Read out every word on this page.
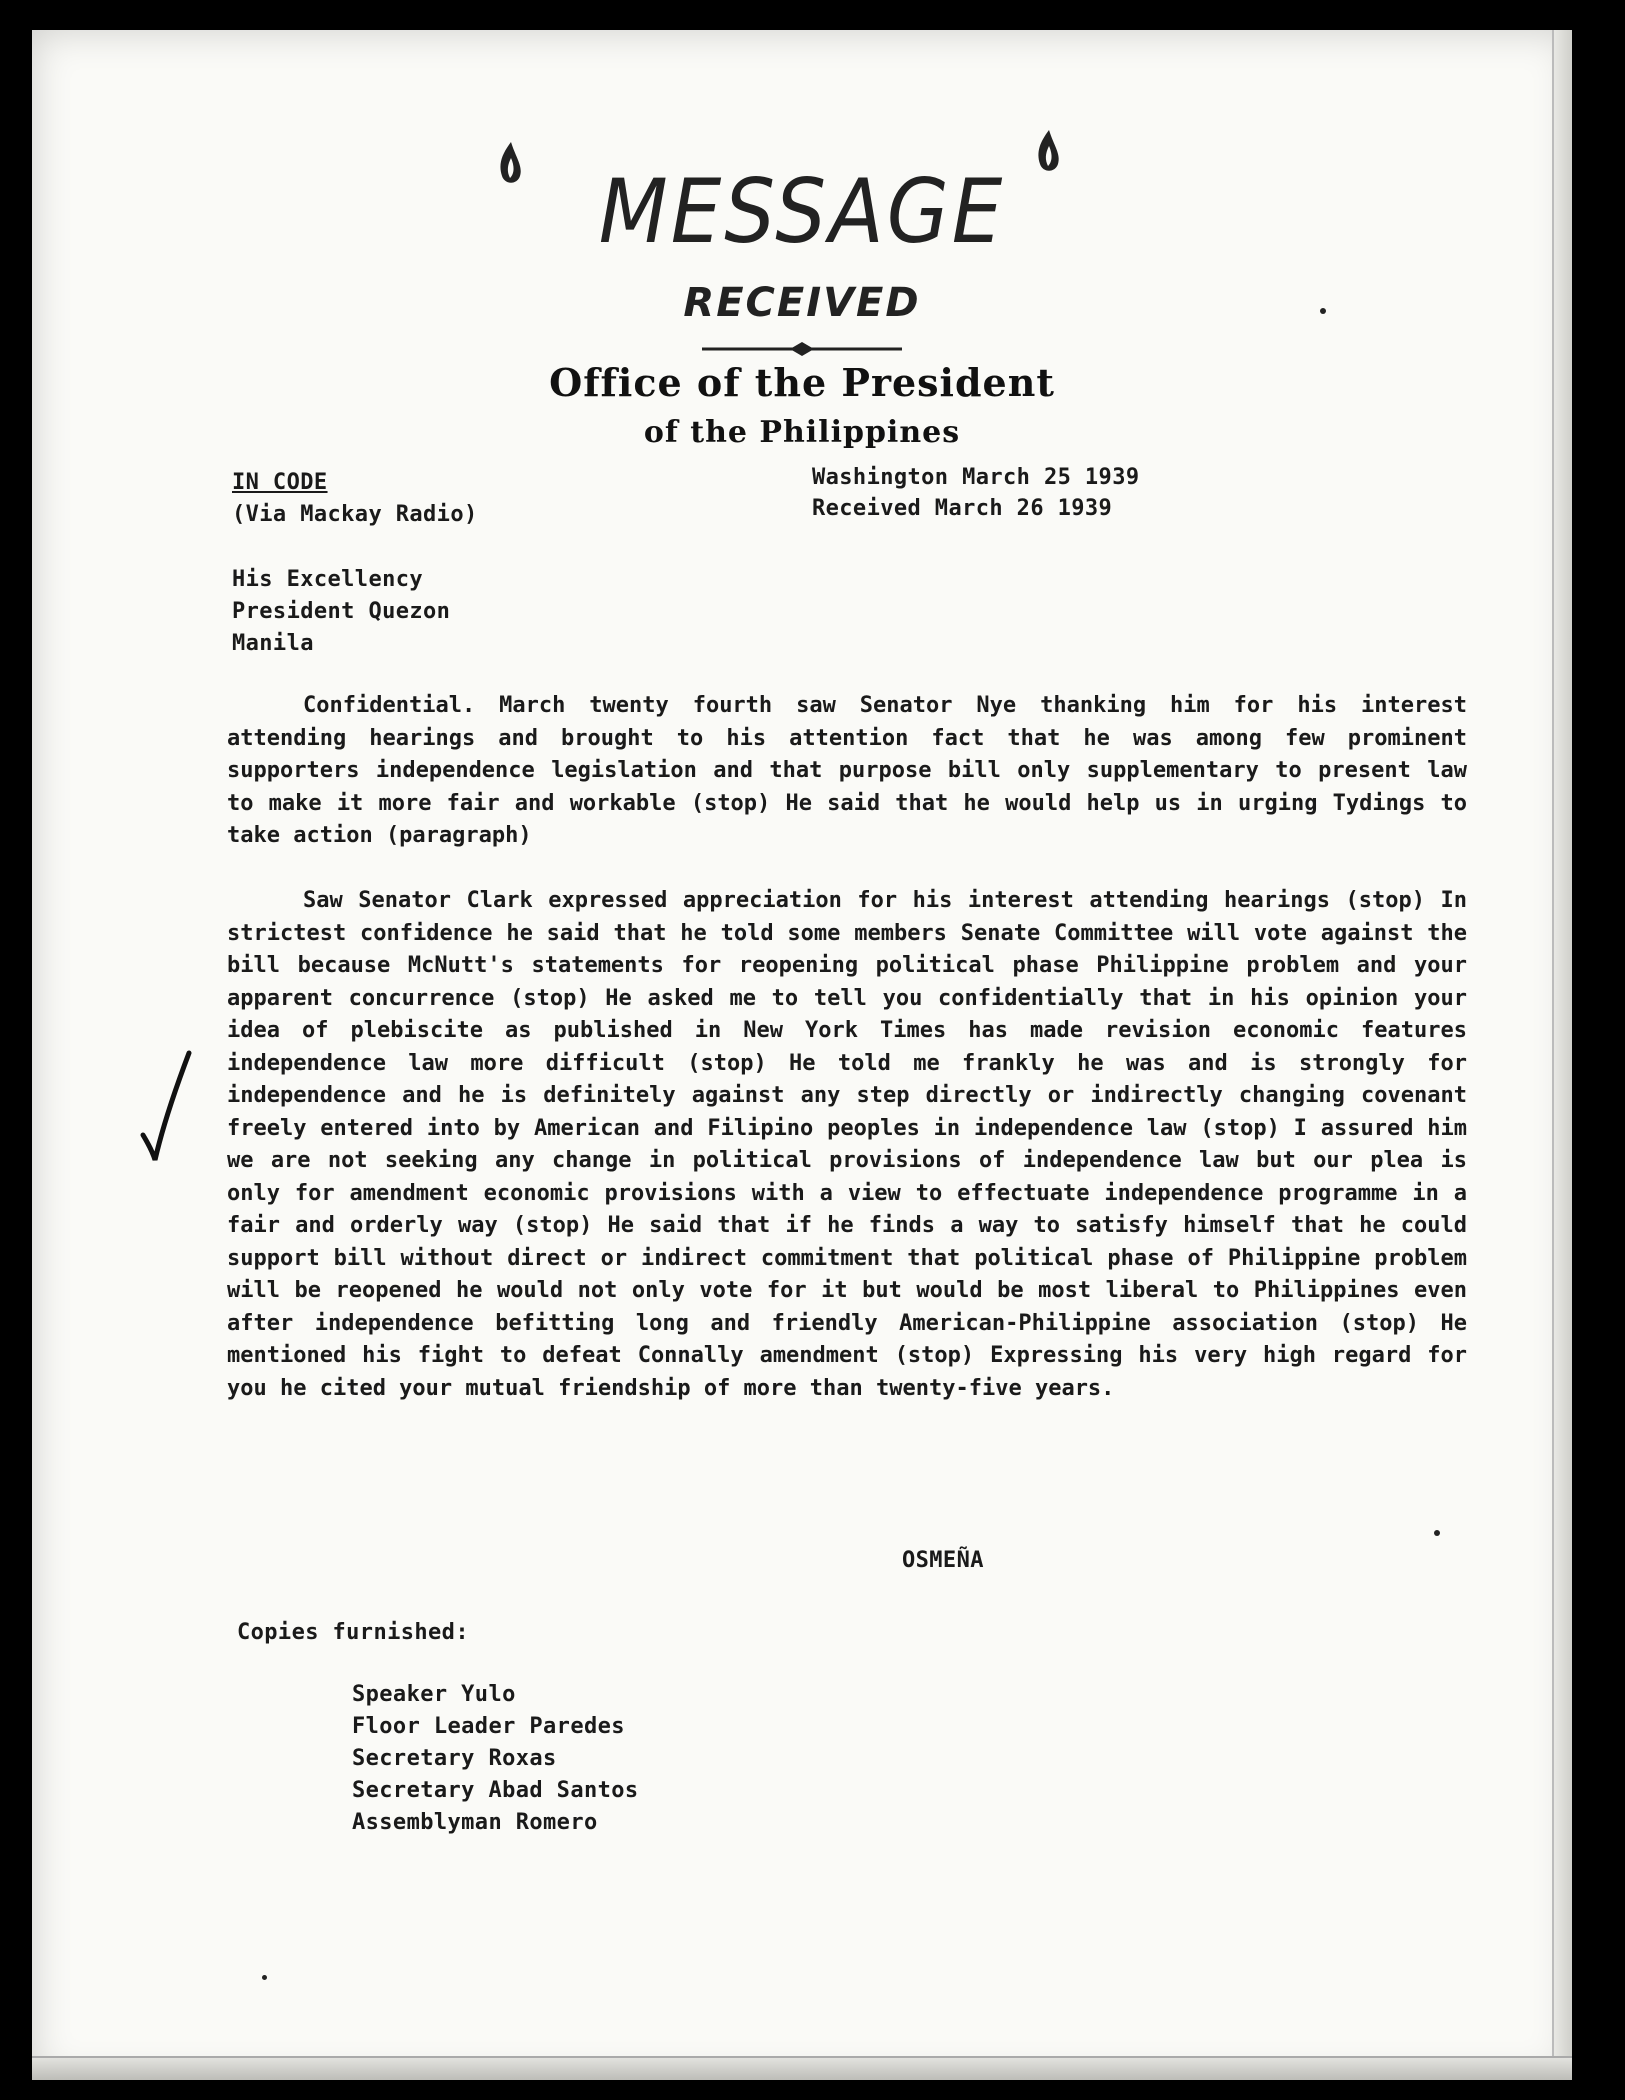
MESSAGE
RECEIVED
Office of the President
of the Philippines
IN CODE
(Via Mackay Radio)
Washington March 25 1939
Received March 26 1939
His Excellency
President Quezon
Manila
Confidential. March twenty fourth saw Senator Nye thanking him for his interest attending hearings and brought to his attention fact that he was among few prominent supporters independence legislation and that purpose bill only supplementary to present law to make it more fair and workable (stop) He said that he would help us in urging Tydings to take action (paragraph)
Saw Senator Clark expressed appreciation for his interest attending hearings (stop) In strictest confidence he said that he told some members Senate Committee will vote against the bill because McNutt's statements for reopening political phase Philippine problem and your apparent concurrence (stop) He asked me to tell you confidentially that in his opinion your idea of plebiscite as published in New York Times has made revision economic features independence law more difficult (stop) He told me frankly he was and is strongly for independence and he is definitely against any step directly or indirectly changing covenant freely entered into by American and Filipino peoples in independence law (stop) I assured him we are not seeking any change in political provisions of independence law but our plea is only for amendment economic provisions with a view to effectuate independence programme in a fair and orderly way (stop) He said that if he finds a way to satisfy himself that he could support bill without direct or indirect commitment that political phase of Philippine problem will be reopened he would not only vote for it but would be most liberal to Philippines even after independence befitting long and friendly American-Philippine association (stop) He mentioned his fight to defeat Connally amendment (stop) Expressing his very high regard for you he cited your mutual friendship of more than twenty-five years.
OSMEÑA
Copies furnished:
Speaker Yulo
Floor Leader Paredes
Secretary Roxas
Secretary Abad Santos
Assemblyman Romero
